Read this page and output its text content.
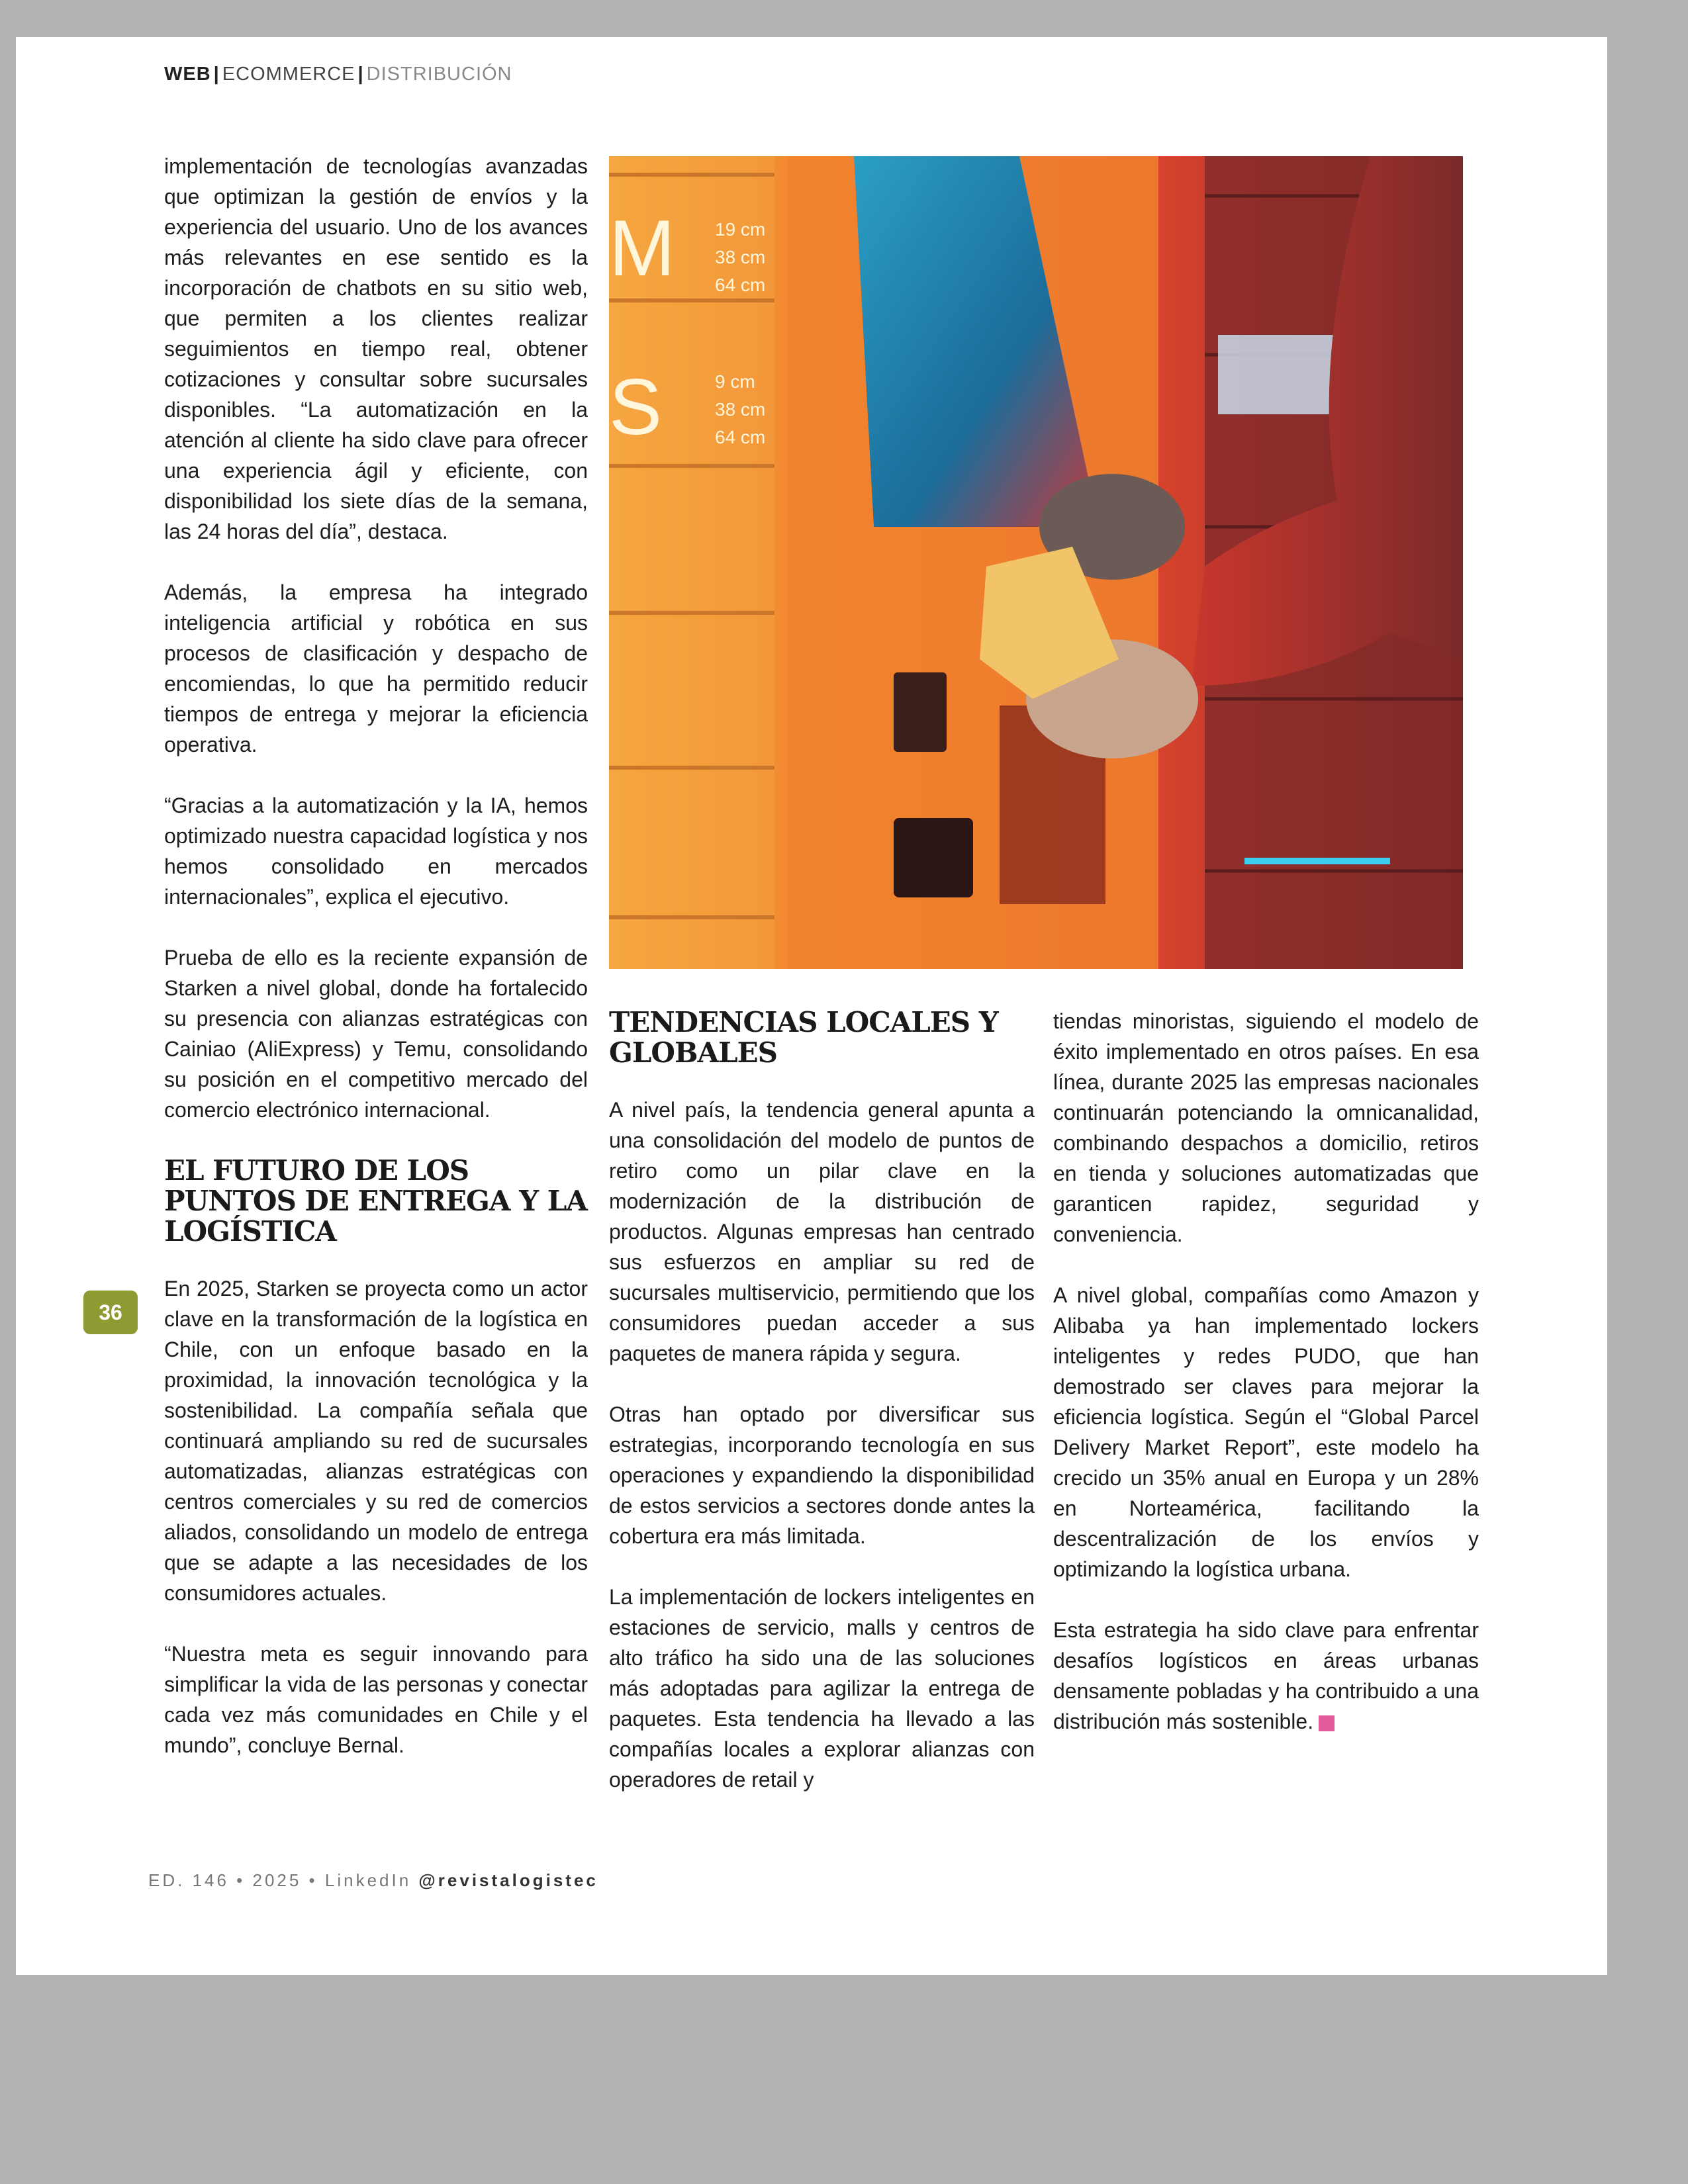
WEB | ECOMMERCE | DISTRIBUCIÓN

implementación de tecnologías avanzadas que optimizan la gestión de envíos y la experiencia del usuario. Uno de los avances más relevantes en ese sentido es la incorporación de chatbots en su sitio web, que permiten a los clientes realizar seguimientos en tiempo real, obtener cotizaciones y consultar sobre sucursales disponibles. “La automatización en la atención al cliente ha sido clave para ofrecer una experiencia ágil y eficiente, con disponibilidad los siete días de la semana, las 24 horas del día”, destaca.

Además, la empresa ha integrado inteligencia artificial y robótica en sus procesos de clasificación y despacho de encomiendas, lo que ha permitido reducir tiempos de entrega y mejorar la eficiencia operativa.

“Gracias a la automatización y la IA, hemos optimizado nuestra capacidad logística y nos hemos consolidado en mercados internacionales”, explica el ejecutivo.

Prueba de ello es la reciente expansión de Starken a nivel global, donde ha fortalecido su presencia con alianzas estratégicas con Cainiao (AliExpress) y Temu, consolidando su posición en el competitivo mercado del comercio electrónico internacional.

EL FUTURO DE LOS PUNTOS DE ENTREGA Y LA LOGÍSTICA

En 2025, Starken se proyecta como un actor clave en la transformación de la logística en Chile, con un enfoque basado en la proximidad, la innovación tecnológica y la sostenibilidad. La compañía señala que continuará ampliando su red de sucursales automatizadas, alianzas estratégicas con centros comerciales y su red de comercios aliados, consolidando un modelo de entrega que se adapte a las necesidades de los consumidores actuales.

“Nuestra meta es seguir innovando para simplificar la vida de las personas y conectar cada vez más comunidades en Chile y el mundo”, concluye Bernal.

M
S
19 cm
38 cm
64 cm
9 cm
38 cm
64 cm
TENDENCIAS LOCALES Y GLOBALES

A nivel país, la tendencia general apunta a una consolidación del modelo de puntos de retiro como un pilar clave en la modernización de la distribución de productos. Algunas empresas han centrado sus esfuerzos en ampliar su red de sucursales multiservicio, permitiendo que los consumidores puedan acceder a sus paquetes de manera rápida y segura.

Otras han optado por diversificar sus estrategias, incorporando tecnología en sus operaciones y expandiendo la disponibilidad de estos servicios a sectores donde antes la cobertura era más limitada.

La implementación de lockers inteligentes en estaciones de servicio, malls y centros de alto tráfico ha sido una de las soluciones más adoptadas para agilizar la entrega de paquetes. Esta tendencia ha llevado a las compañías locales a explorar alianzas con operadores de retail y

tiendas minoristas, siguiendo el modelo de éxito implementado en otros países. En esa línea, durante 2025 las empresas nacionales continuarán potenciando la omnicanalidad, combinando despachos a domicilio, retiros en tienda y soluciones automatizadas que garanticen rapidez, seguridad y conveniencia.

A nivel global, compañías como Amazon y Alibaba ya han implementado lockers inteligentes y redes PUDO, que han demostrado ser claves para mejorar la eficiencia logística. Según el “Global Parcel Delivery Market Report”, este modelo ha crecido un 35% anual en Europa y un 28% en Norteamérica, facilitando la descentralización de los envíos y optimizando la logística urbana.

Esta estrategia ha sido clave para enfrentar desafíos logísticos en áreas urbanas densamente pobladas y ha contribuido a una distribución más sostenible.

36
ED. 146 • 2025 • LinkedIn @revistalogistec
